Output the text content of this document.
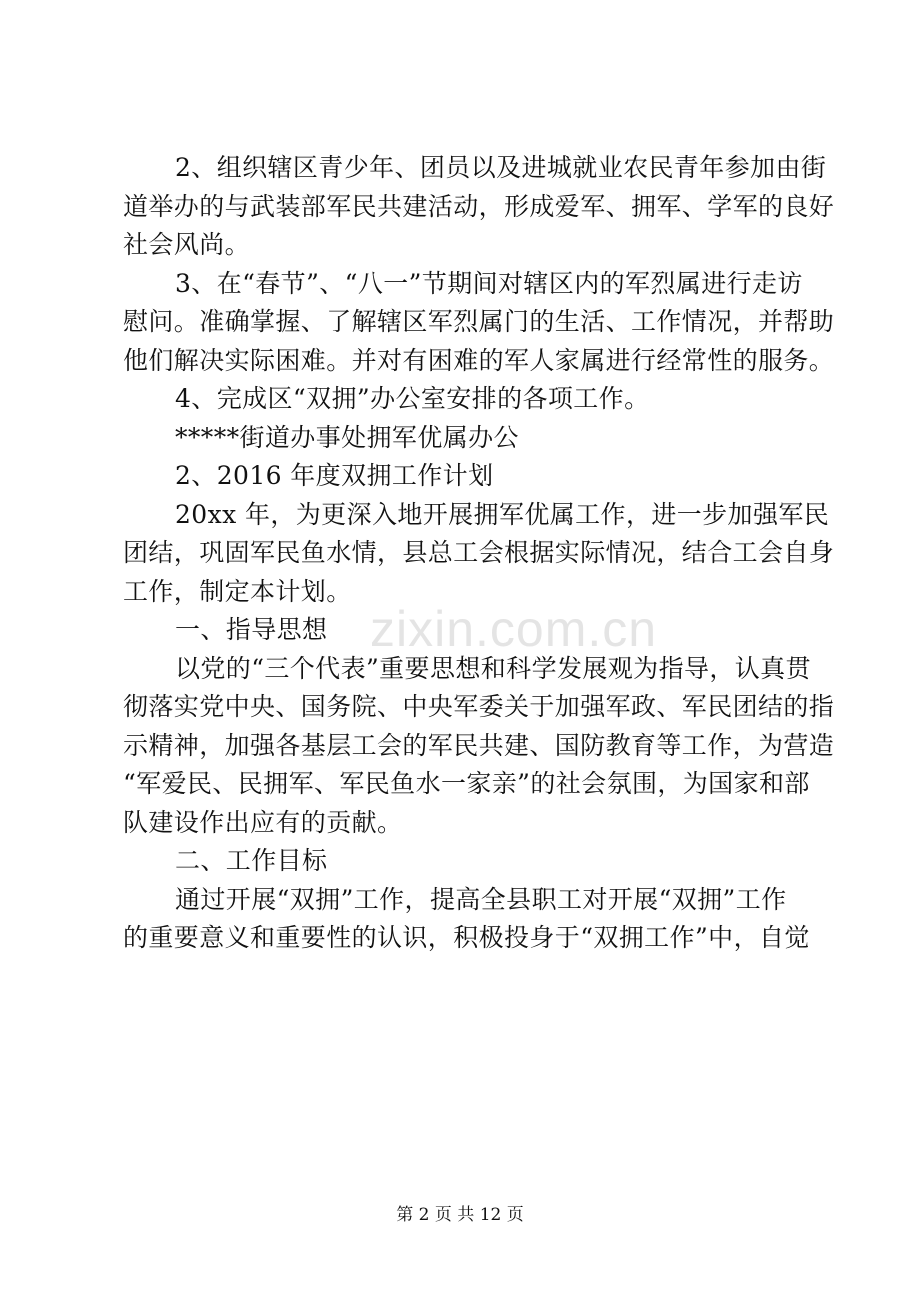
2、组织辖区青少年、团员以及进城就业农民青年参加由街

道举办的与武装部军民共建活动，形成爱军、拥军、学军的良好
社会风尚。

3、在“春节”、“八一”节期间对辖区内的军烈属进行走访

慰问。准确掌握、了解辖区军烈属门的生活、工作情况，并帮助
他们解决实际困难。并对有困难的军人家属进行经常性的服务。

4、完成区“双拥”办公室安排的各项工作。

*****街道办事处拥军优属办公

2、2016 年度双拥工作计划

20xx 年，为更深入地开展拥军优属工作，进一步加强军民

团结，巩固军民鱼水情，县总工会根据实际情况，结合工会自身
工作，制定本计划。

一、指导思想

以党的“三个代表”重要思想和科学发展观为指导，认真贯

彻落实党中央、国务院、中央军委关于加强军政、军民团结的指
示精神，加强各基层工会的军民共建、国防教育等工作，为营造
“军爱民、民拥军、军民鱼水一家亲”的社会氛围，为国家和部
队建设作出应有的贡献。

二、工作目标

通过开展“双拥”工作，提高全县职工对开展“双拥”工作

的重要意义和重要性的认识，积极投身于“双拥工作”中，自觉

zixin.com.cn
第 2 页 共 12 页
